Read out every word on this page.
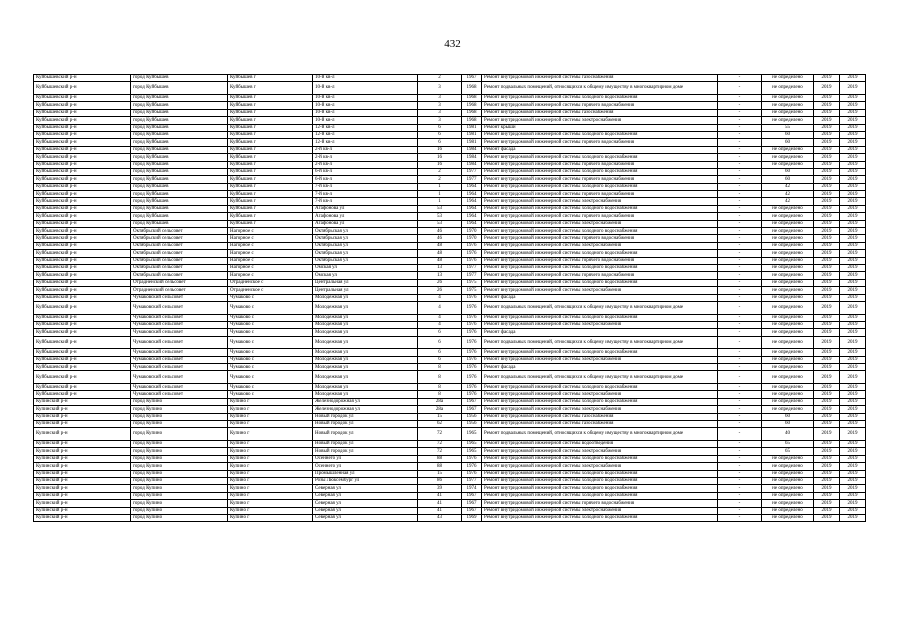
432
Куйбышевский р-н	город Куйбышев	Куйбышев г	10-й кв-л	2	1967	Ремонт внутридомовой инженерной системы газоснабжения	-	не определено	2019	2019
Куйбышевский р-н	город Куйбышев	Куйбышев г	10-й кв-л	3	1968	Ремонт подвальных помещений, относящихся к общему имуществу в многоквартирном доме	-	не определено	2019	2019
Куйбышевский р-н	город Куйбышев	Куйбышев г	10-й кв-л	3	1968	Ремонт внутридомовой инженерной системы холодного водоснабжения	-	не определено	2019	2019
Куйбышевский р-н	город Куйбышев	Куйбышев г	10-й кв-л	3	1968	Ремонт внутридомовой инженерной системы горячего водоснабжения	-	не определено	2019	2019
Куйбышевский р-н	город Куйбышев	Куйбышев г	10-й кв-л	3	1968	Ремонт внутридомовой инженерной системы газоснабжения	-	не определено	2019	2019
Куйбышевский р-н	город Куйбышев	Куйбышев г	10-й кв-л	3	1968	Ремонт внутридомовой инженерной системы электроснабжения	-	не определено	2019	2019
Куйбышевский р-н	город Куйбышев	Куйбышев г	12-й кв-л	6	1981	Ремонт крыши	-	55	2019	2019
Куйбышевский р-н	город Куйбышев	Куйбышев г	12-й кв-л	6	1981	Ремонт внутридомовой инженерной системы холодного водоснабжения	-	60	2019	2019
Куйбышевский р-н	город Куйбышев	Куйбышев г	12-й кв-л	6	1981	Ремонт внутридомовой инженерной системы горячего водоснабжения	-	60	2019	2019
Куйбышевский р-н	город Куйбышев	Куйбышев г	2-й кв-л	16	1984	Ремонт фасада	-	не определено	2019	2019
Куйбышевский р-н	город Куйбышев	Куйбышев г	2-й кв-л	16	1984	Ремонт внутридомовой инженерной системы холодного водоснабжения	-	не определено	2019	2019
Куйбышевский р-н	город Куйбышев	Куйбышев г	2-й кв-л	16	1984	Ремонт внутридомовой инженерной системы горячего водоснабжения	-	не определено	2019	2019
Куйбышевский р-н	город Куйбышев	Куйбышев г	6-й кв-л	2	1977	Ремонт внутридомовой инженерной системы холодного водоснабжения	-	60	2019	2019
Куйбышевский р-н	город Куйбышев	Куйбышев г	6-й кв-л	2	1977	Ремонт внутридомовой инженерной системы горячего водоснабжения	-	60	2019	2019
Куйбышевский р-н	город Куйбышев	Куйбышев г	7-й кв-л	1	1964	Ремонт внутридомовой инженерной системы холодного водоснабжения	-	42	2019	2019
Куйбышевский р-н	город Куйбышев	Куйбышев г	7-й кв-л	1	1964	Ремонт внутридомовой инженерной системы горячего водоснабжения	-	42	2019	2019
Куйбышевский р-н	город Куйбышев	Куйбышев г	7-й кв-л	1	1964	Ремонт внутридомовой инженерной системы электроснабжения	-	42	2019	2019
Куйбышевский р-н	город Куйбышев	Куйбышев г	Агафонова ул	53	1964	Ремонт внутридомовой инженерной системы холодного водоснабжения	-	не определено	2019	2019
Куйбышевский р-н	город Куйбышев	Куйбышев г	Агафонова ул	53	1964	Ремонт внутридомовой инженерной системы горячего водоснабжения	-	не определено	2019	2019
Куйбышевский р-н	город Куйбышев	Куйбышев г	Агафонова ул	53	1964	Ремонт внутридомовой инженерной системы электроснабжения	-	не определено	2019	2019
Куйбышевский р-н	Октябрьский сельсовет	Нагорное с	Октябрьская ул	46	1970	Ремонт внутридомовой инженерной системы холодного водоснабжения	-	не определено	2019	2019
Куйбышевский р-н	Октябрьский сельсовет	Нагорное с	Октябрьская ул	46	1970	Ремонт внутридомовой инженерной системы горячего водоснабжения	-	не определено	2019	2019
Куйбышевский р-н	Октябрьский сельсовет	Нагорное с	Октябрьская ул	48	1976	Ремонт внутридомовой инженерной системы электроснабжения	-	не определено	2019	2019
Куйбышевский р-н	Октябрьский сельсовет	Нагорное с	Октябрьская ул	48	1976	Ремонт внутридомовой инженерной системы холодного водоснабжения	-	не определено	2019	2019
Куйбышевский р-н	Октябрьский сельсовет	Нагорное с	Октябрьская ул	48	1976	Ремонт внутридомовой инженерной системы горячего водоснабжения	-	не определено	2019	2019
Куйбышевский р-н	Октябрьский сельсовет	Нагорное с	Омская ул	13	1977	Ремонт внутридомовой инженерной системы холодного водоснабжения	-	не определено	2019	2019
Куйбышевский р-н	Октябрьский сельсовет	Нагорное с	Омская ул	13	1977	Ремонт внутридомовой инженерной системы горячего водоснабжения	-	не определено	2019	2019
Куйбышевский р-н	Отрадненский сельсовет	Отрадненское с	Центральная ул	26	1975	Ремонт внутридомовой инженерной системы холодного водоснабжения	-	не определено	2019	2019
Куйбышевский р-н	Отрадненский сельсовет	Отрадненское с	Центральная ул	26	1975	Ремонт внутридомовой инженерной системы электроснабжения	-	не определено	2019	2019
Куйбышевский р-н	Чумаковский сельсовет	Чумаково с	Молодежная ул	4	1976	Ремонт фасада	-	не определено	2019	2019
Куйбышевский р-н	Чумаковский сельсовет	Чумаково с	Молодежная ул	4	1976	Ремонт подвальных помещений, относящихся к общему имуществу в многоквартирном доме	-	не определено	2019	2019
Куйбышевский р-н	Чумаковский сельсовет	Чумаково с	Молодежная ул	4	1976	Ремонт внутридомовой инженерной системы холодного водоснабжения	-	не определено	2019	2019
Куйбышевский р-н	Чумаковский сельсовет	Чумаково с	Молодежная ул	4	1976	Ремонт внутридомовой инженерной системы электроснабжения	-	не определено	2019	2019
Куйбышевский р-н	Чумаковский сельсовет	Чумаково с	Молодежная ул	6	1976	Ремонт фасада	-	не определено	2019	2019
Куйбышевский р-н	Чумаковский сельсовет	Чумаково с	Молодежная ул	6	1976	Ремонт подвальных помещений, относящихся к общему имуществу в многоквартирном доме	-	не определено	2019	2019
Куйбышевский р-н	Чумаковский сельсовет	Чумаково с	Молодежная ул	6	1976	Ремонт внутридомовой инженерной системы холодного водоснабжения	-	не определено	2019	2019
Куйбышевский р-н	Чумаковский сельсовет	Чумаково с	Молодежная ул	6	1976	Ремонт внутридомовой инженерной системы электроснабжения	-	не определено	2019	2019
Куйбышевский р-н	Чумаковский сельсовет	Чумаково с	Молодежная ул	8	1976	Ремонт фасада	-	не определено	2019	2019
Куйбышевский р-н	Чумаковский сельсовет	Чумаково с	Молодежная ул	8	1976	Ремонт подвальных помещений, относящихся к общему имуществу в многоквартирном доме	-	не определено	2019	2019
Куйбышевский р-н	Чумаковский сельсовет	Чумаково с	Молодежная ул	8	1976	Ремонт внутридомовой инженерной системы холодного водоснабжения	-	не определено	2019	2019
Куйбышевский р-н	Чумаковский сельсовет	Чумаково с	Молодежная ул	8	1976	Ремонт внутридомовой инженерной системы электроснабжения	-	не определено	2019	2019
Купинский р-н	город Купино	Купино г	Железнодорожная ул	28а	1967	Ремонт внутридомовой инженерной системы холодного водоснабжения	-	не определено	2019	2019
Купинский р-н	город Купино	Купино г	Железнодорожная ул	28а	1967	Ремонт внутридомовой инженерной системы электроснабжения	-	не определено	2019	2019
Купинский р-н	город Купино	Купино г	Новый городок ул	15	1956	Ремонт внутридомовой инженерной системы газоснабжения	-	60	2019	2019
Купинский р-н	город Купино	Купино г	Новый городок ул	62	1956	Ремонт внутридомовой инженерной системы газоснабжения	-	60	2019	2019
Купинский р-н	город Купино	Купино г	Новый городок ул	72	1965	Ремонт подвальных помещений, относящихся к общему имуществу в многоквартирном доме	-	40	2019	2019
Купинский р-н	город Купино	Купино г	Новый городок ул	72	1965	Ремонт внутридомовой инженерной системы водоотведения	-	65	2019	2019
Купинский р-н	город Купино	Купино г	Новый городок ул	72	1965	Ремонт внутридомовой инженерной системы электроснабжения	-	65	2019	2019
Купинский р-н	город Купино	Купино г	Осеннего ул	88	1976	Ремонт внутридомовой инженерной системы холодного водоснабжения	-	не определено	2019	2019
Купинский р-н	город Купино	Купино г	Осеннего ул	88	1976	Ремонт внутридомовой инженерной системы электроснабжения	-	не определено	2019	2019
Купинский р-н	город Купино	Купино г	Промышленная ул	15	1976	Ремонт внутридомовой инженерной системы холодного водоснабжения	-	не определено	2019	2019
Купинский р-н	город Купино	Купино г	Розы Люксембург ул	86	1977	Ремонт внутридомовой инженерной системы холодного водоснабжения	-	не определено	2019	2019
Купинский р-н	город Купино	Купино г	Северная ул	39	1974	Ремонт внутридомовой инженерной системы холодного водоснабжения	-	не определено	2019	2019
Купинский р-н	город Купино	Купино г	Северная ул	41	1967	Ремонт внутридомовой инженерной системы холодного водоснабжения	-	не определено	2019	2019
Купинский р-н	город Купино	Купино г	Северная ул	41	1967	Ремонт внутридомовой инженерной системы горячего водоснабжения	-	не определено	2019	2019
Купинский р-н	город Купино	Купино г	Северная ул	41	1967	Ремонт внутридомовой инженерной системы электроснабжения	-	не определено	2019	2019
Купинский р-н	город Купино	Купино г	Северная ул	43	1969	Ремонт внутридомовой инженерной системы холодного водоснабжения	-	не определено	2019	2019
